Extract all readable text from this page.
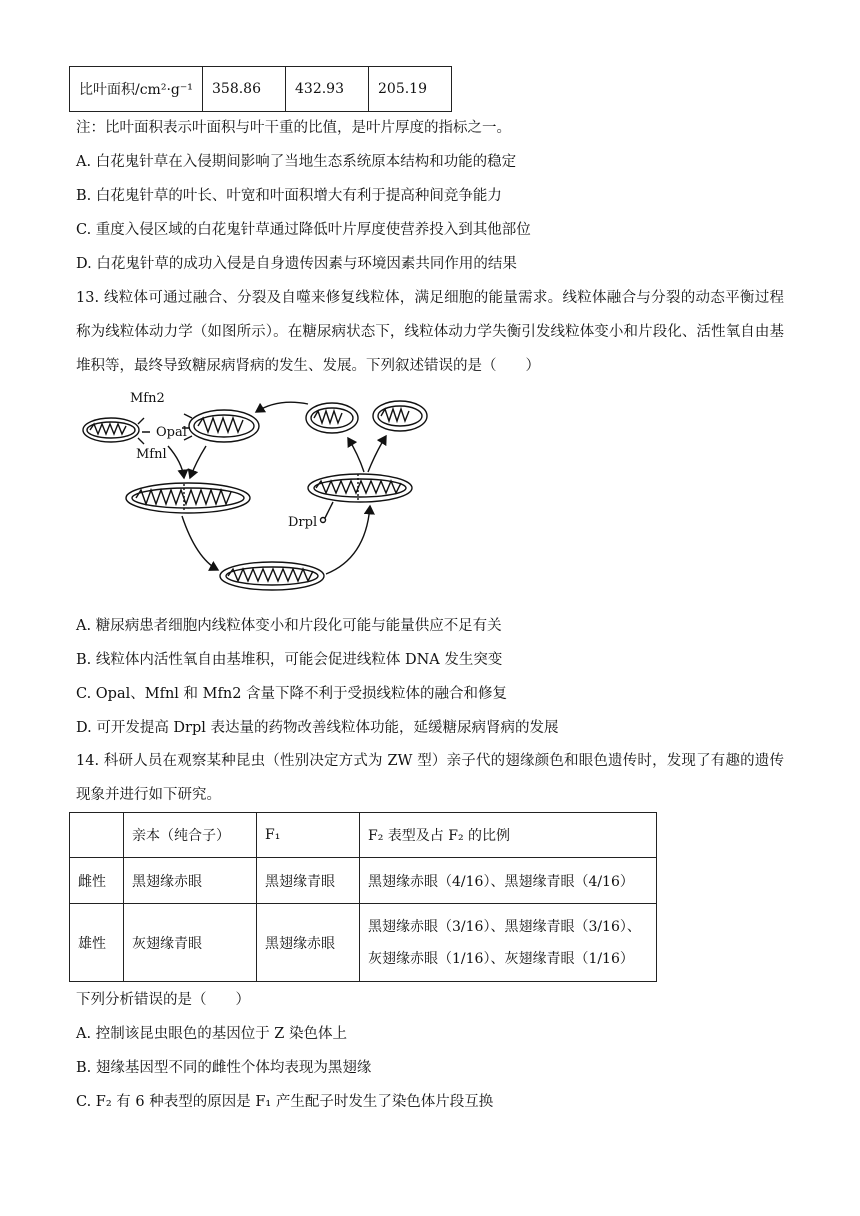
比叶面积/cm²·g⁻¹	358.86	432.93	205.19
注：比叶面积表示叶面积与叶干重的比值，是叶片厚度的指标之一。
A. 白花鬼针草在入侵期间影响了当地生态系统原本结构和功能的稳定
B. 白花鬼针草的叶长、叶宽和叶面积增大有利于提高种间竞争能力
C. 重度入侵区域的白花鬼针草通过降低叶片厚度使营养投入到其他部位
D. 白花鬼针草的成功入侵是自身遗传因素与环境因素共同作用的结果
13. 线粒体可通过融合、分裂及自噬来修复线粒体，满足细胞的能量需求。线粒体融合与分裂的动态平衡过程称为线粒体动力学（如图所示）。在糖尿病状态下，线粒体动力学失衡引发线粒体变小和片段化、活性氧自由基堆积等，最终导致糖尿病肾病的发生、发展。下列叙述错误的是（　　）
Mfn2
Opal
Mfnl
Drpl
A. 糖尿病患者细胞内线粒体变小和片段化可能与能量供应不足有关
B. 线粒体内活性氧自由基堆积，可能会促进线粒体 DNA 发生突变
C. Opal、Mfnl 和 Mfn2 含量下降不利于受损线粒体的融合和修复
D. 可开发提高 Drpl 表达量的药物改善线粒体功能，延缓糖尿病肾病的发展
14. 科研人员在观察某种昆虫（性别决定方式为 ZW 型）亲子代的翅缘颜色和眼色遗传时，发现了有趣的遗传现象并进行如下研究。
	亲本（纯合子）	F₁	F₂ 表型及占 F₂ 的比例
雌性	黑翅缘赤眼	黑翅缘青眼	黑翅缘赤眼（4/16）、黑翅缘青眼（4/16）
雄性	灰翅缘青眼	黑翅缘赤眼	黑翅缘赤眼（3/16）、黑翅缘青眼（3/16）、
灰翅缘赤眼（1/16）、灰翅缘青眼（1/16）
下列分析错误的是（　　）
A. 控制该昆虫眼色的基因位于 Z 染色体上
B. 翅缘基因型不同的雌性个体均表现为黑翅缘
C. F₂ 有 6 种表型的原因是 F₁ 产生配子时发生了染色体片段互换
